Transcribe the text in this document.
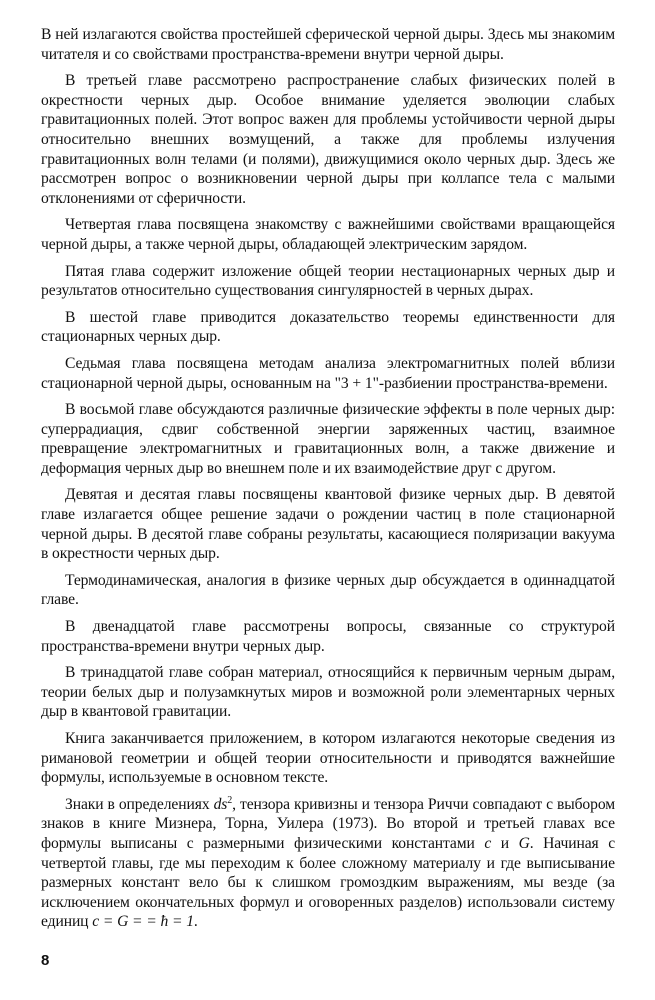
В ней излагаются свойства простейшей сферической черной дыры. Здесь мы знакомим читателя и со свойствами пространства-времени внутри черной дыры.

В третьей главе рассмотрено распространение слабых физических полей в окрестности черных дыр. Особое внимание уделяется эволюции слабых гравитационных полей. Этот вопрос важен для проблемы устойчивости черной дыры относительно внешних возмущений, а также для проблемы излучения гравитационных волн телами (и полями), движущимися около черных дыр. Здесь же рассмотрен вопрос о возникновении черной дыры при коллапсе тела с малыми отклонениями от сферичности.

Четвертая глава посвящена знакомству с важнейшими свойствами вращающейся черной дыры, а также черной дыры, обладающей электрическим зарядом.

Пятая глава содержит изложение общей теории нестационарных черных дыр и результатов относительно существования сингулярностей в черных дырах.

В шестой главе приводится доказательство теоремы единственности для стационарных черных дыр.

Седьмая глава посвящена методам анализа электромагнитных полей вблизи стационарной черной дыры, основанным на "3 + 1"-разбиении пространства-времени.

В восьмой главе обсуждаются различные физические эффекты в поле черных дыр: суперрадиация, сдвиг собственной энергии заряженных частиц, взаимное превращение электромагнитных и гравитационных волн, а также движение и деформация черных дыр во внешнем поле и их взаимодействие друг с другом.

Девятая и десятая главы посвящены квантовой физике черных дыр. В девятой главе излагается общее решение задачи о рождении частиц в поле стационарной черной дыры. В десятой главе собраны результаты, касающиеся поляризации вакуума в окрестности черных дыр.

Термодинамическая, аналогия в физике черных дыр обсуждается в одиннадцатой главе.

В двенадцатой главе рассмотрены вопросы, связанные со структурой пространства-времени внутри черных дыр.

В тринадцатой главе собран материал, относящийся к первичным черным дырам, теории белых дыр и полузамкнутых миров и возможной роли элементарных черных дыр в квантовой гравитации.

Книга заканчивается приложением, в котором излагаются некоторые сведения из римановой геометрии и общей теории относительности и приводятся важнейшие формулы, используемые в основном тексте.

Знаки в определениях $ds^2$, тензора кривизны и тензора Риччи совпадают с выбором знаков в книге Мизнера, Торна, Уилера (1973). Во второй и третьей главах все формулы выписаны с размерными физическими константами c и G. Начиная с четвертой главы, где мы переходим к более сложному материалу и где выписывание размерных констант вело бы к слишком громоздким выражениям, мы везде (за исключением окончательных формул и оговоренных разделов) использовали систему единиц c = G = = ħ = 1.

8
